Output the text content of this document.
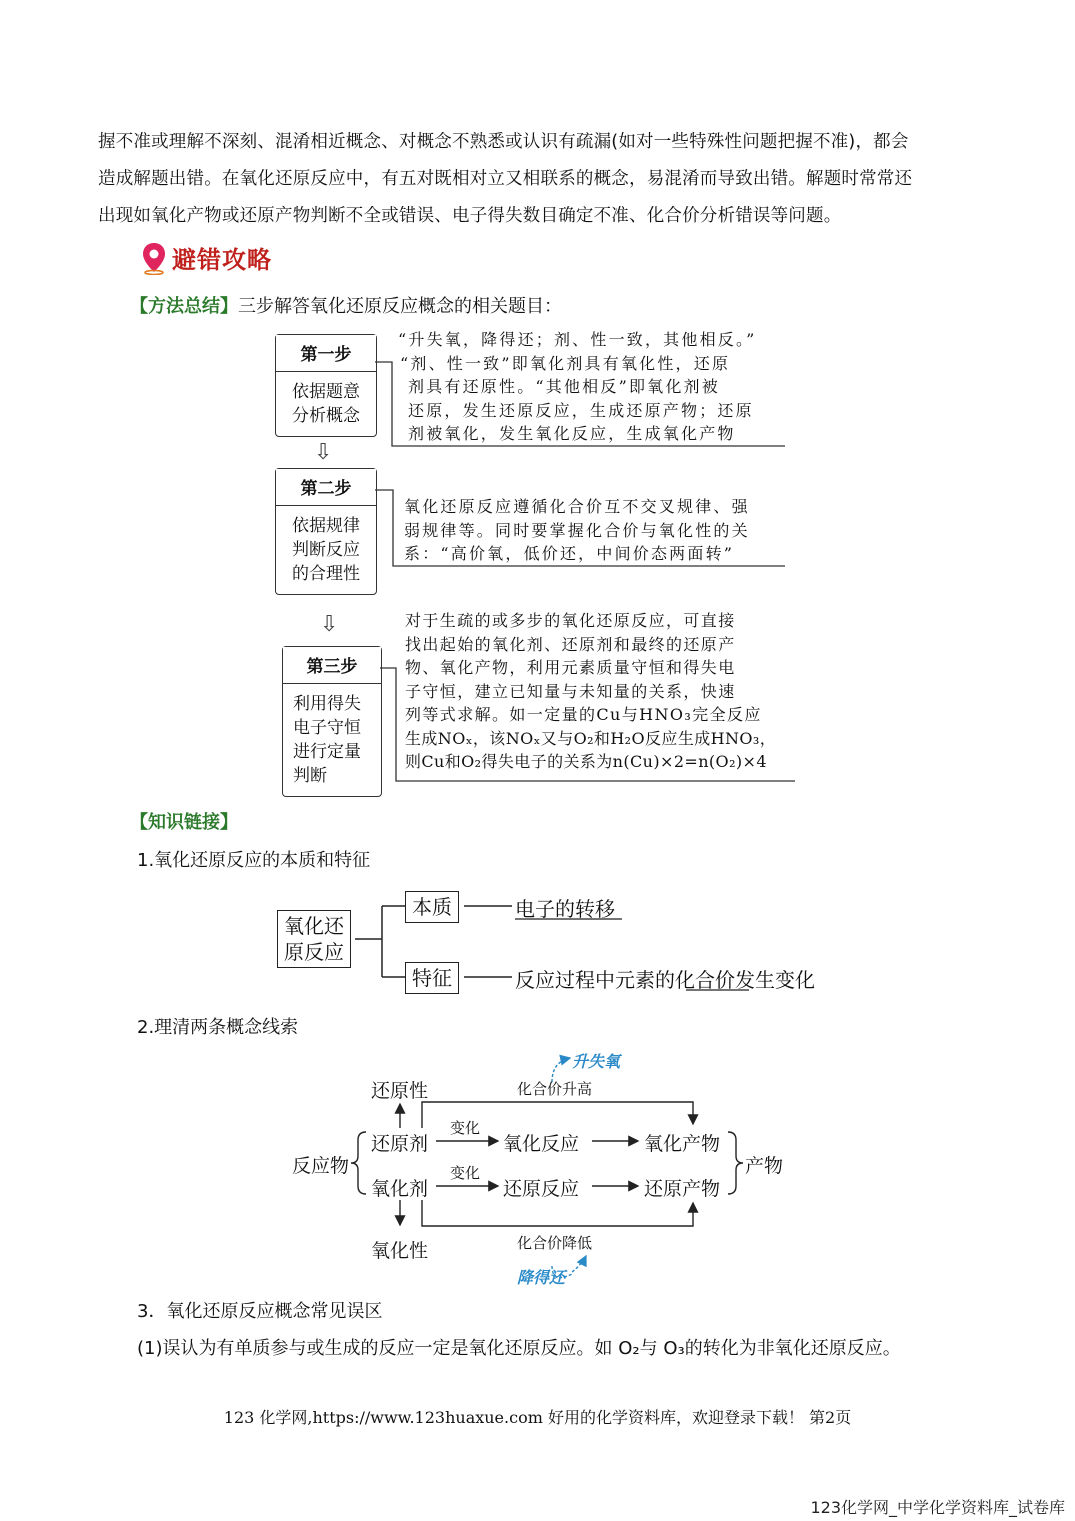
握不准或理解不深刻、混淆相近概念、对概念不熟悉或认识有疏漏(如对一些特殊性问题把握不准)，都会
造成解题出错。在氧化还原反应中，有五对既相对立又相联系的概念，易混淆而导致出错。解题时常常还
出现如氧化产物或还原产物判断不全或错误、电子得失数目确定不准、化合价分析错误等问题。
避错攻略
【方法总结】三步解答氧化还原反应概念的相关题目：
第一步
依据题意
分析概念
“升失氧，降得还；剂、性一致，其他相反。”
“剂、性一致”即氧化剂具有氧化性，还原
剂具有还原性。“其他相反”即氧化剂被
还原，发生还原反应，生成还原产物；还原
剂被氧化，发生氧化反应，生成氧化产物
⇩
第二步
依据规律
判断反应
的合理性
氧化还原反应遵循化合价互不交叉规律、强
弱规律等。同时要掌握化合价与氧化性的关
系：“高价氧，低价还，中间价态两面转”
⇩
第三步
利用得失
电子守恒
进行定量
判断
对于生疏的或多步的氧化还原反应，可直接
找出起始的氧化剂、还原剂和最终的还原产
物、氧化产物，利用元素质量守恒和得失电
子守恒，建立已知量与未知量的关系，快速
列等式求解。如一定量的Cu与HNO₃完全反应
生成NOₓ，该NOₓ又与O₂和H₂O反应生成HNO₃，
则Cu和O₂得失电子的关系为n(Cu)×2=n(O₂)×4
【知识链接】
1.氧化还原反应的本质和特征
氧化还
原反应
本质
特征
电子的转移
反应过程中元素的化合价发生变化
2.理清两条概念线索
升失氧
化合价升高
还原性
还原剂
变化
氧化反应	氧化产物
反应物	产物
氧化剂
变化
还原反应	还原产物
氧化性	化合价降低
降得还
3．氧化还原反应概念常见误区
(1)误认为有单质参与或生成的反应一定是氧化还原反应。如 O₂与 O₃的转化为非氧化还原反应。
123 化学网,https://www.123huaxue.com 好用的化学资料库，欢迎登录下载！ 第2页
123化学网_中学化学资料库_试卷库
